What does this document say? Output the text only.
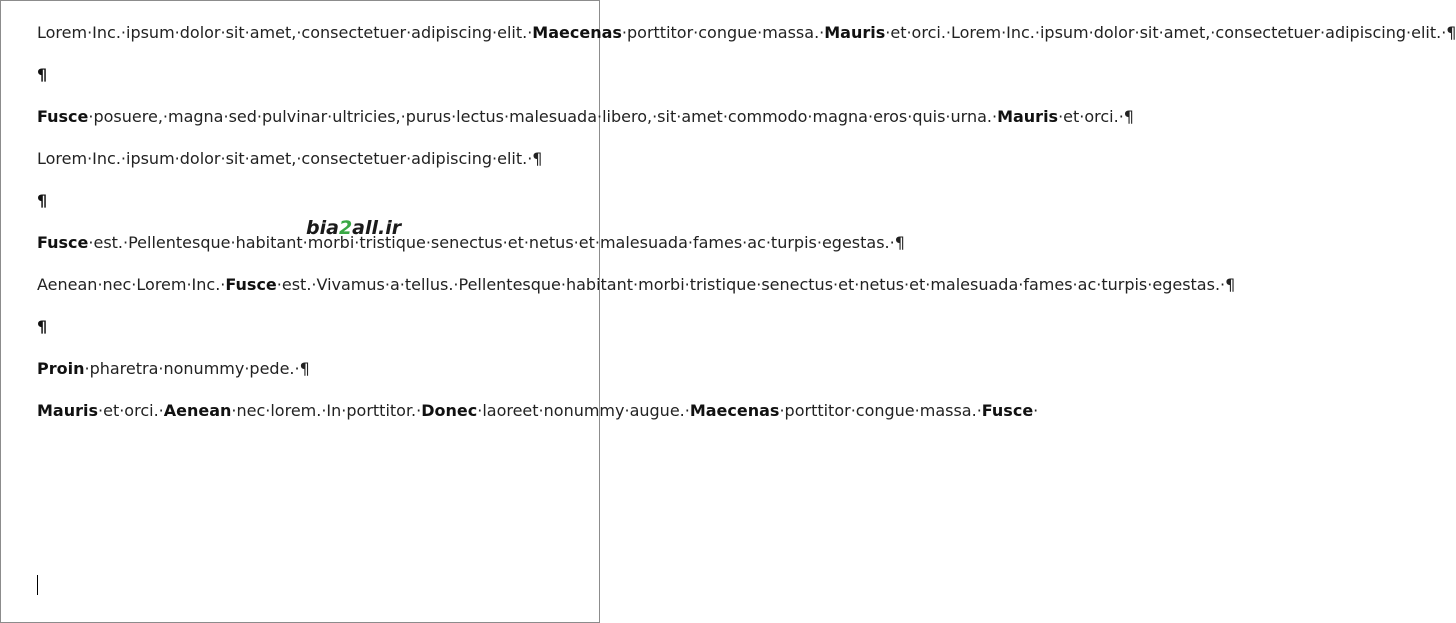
Lorem·Inc.·ipsum·dolor·sit·amet,·consectetuer·adipiscing·elit.·Maecenas·porttitor·congue·massa.·Mauris·et·orci.·Lorem·Inc.·ipsum·dolor·sit·amet,·consectetuer·adipiscing·elit.·¶
¶
Fusce·posuere,·magna·sed·pulvinar·ultricies,·purus·lectus·malesuada·libero,·sit·amet·commodo·magna·eros·quis·urna.·Mauris·et·orci.·¶
Lorem·Inc.·ipsum·dolor·sit·amet,·consectetuer·adipiscing·elit.·¶
¶
Fusce·est.·Pellentesque·habitant·morbi·tristique·senectus·et·netus·et·malesuada·fames·ac·turpis·egestas.·¶
Aenean·nec·Lorem·Inc.·Fusce·est.·Vivamus·a·tellus.·Pellentesque·habitant·morbi·tristique·senectus·et·netus·et·malesuada·fames·ac·turpis·egestas.·¶
¶
Proin·pharetra·nonummy·pede.·¶
Mauris·et·orci.·Aenean·nec·lorem.·In·porttitor.·Donec·laoreet·nonummy·augue.·Maecenas·porttitor·congue·massa.·Fusce·
bia2all.ir
